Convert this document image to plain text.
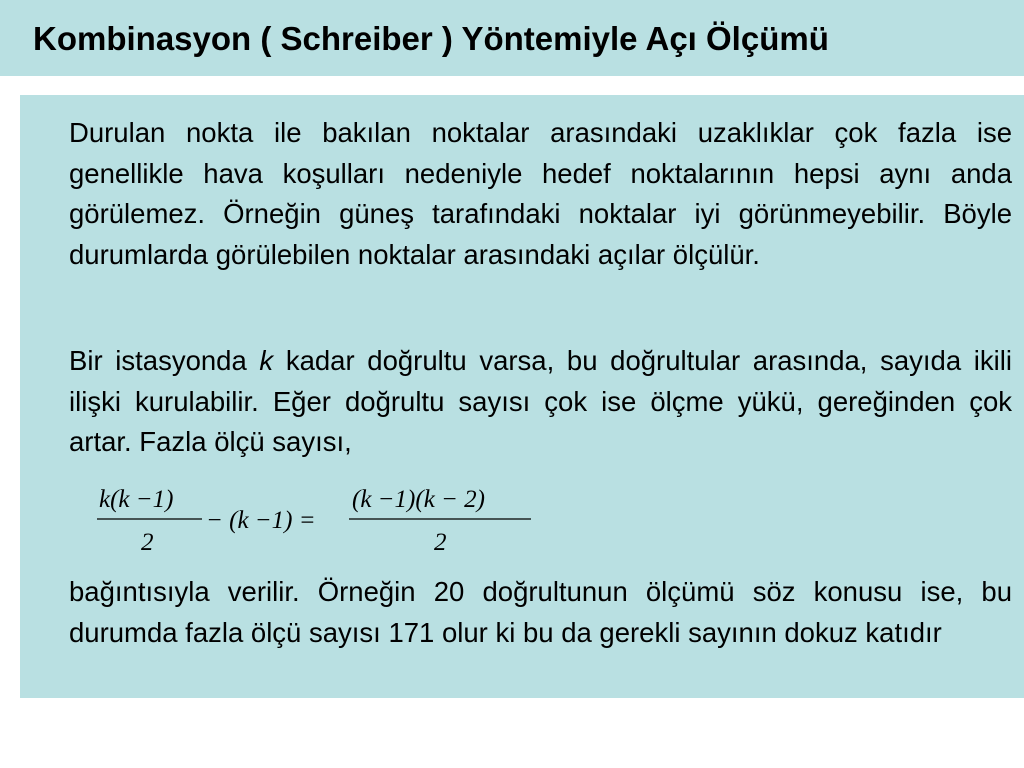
Kombinasyon ( Schreiber ) Yöntemiyle Açı Ölçümü

Durulan nokta ile bakılan noktalar arasındaki uzaklıklar çok fazla ise genellikle hava koşulları nedeniyle hedef noktalarının hepsi aynı anda görülemez. Örneğin güneş tarafındaki noktalar iyi görünmeyebilir. Böyle durumlarda görülebilen noktalar arasındaki açılar ölçülür.

Bir istasyonda k kadar doğrultu varsa, bu doğrultular arasında, sayıda ikili ilişki kurulabilir. Eğer doğrultu sayısı çok ise ölçme yükü, gereğinden çok artar. Fazla ölçü sayısı,

k(k −1)
2
− (k −1) =
(k −1)(k − 2)
2

bağıntısıyla verilir. Örneğin 20 doğrultunun ölçümü söz konusu ise, bu durumda fazla ölçü sayısı 171 olur ki bu da gerekli sayının dokuz katıdır
